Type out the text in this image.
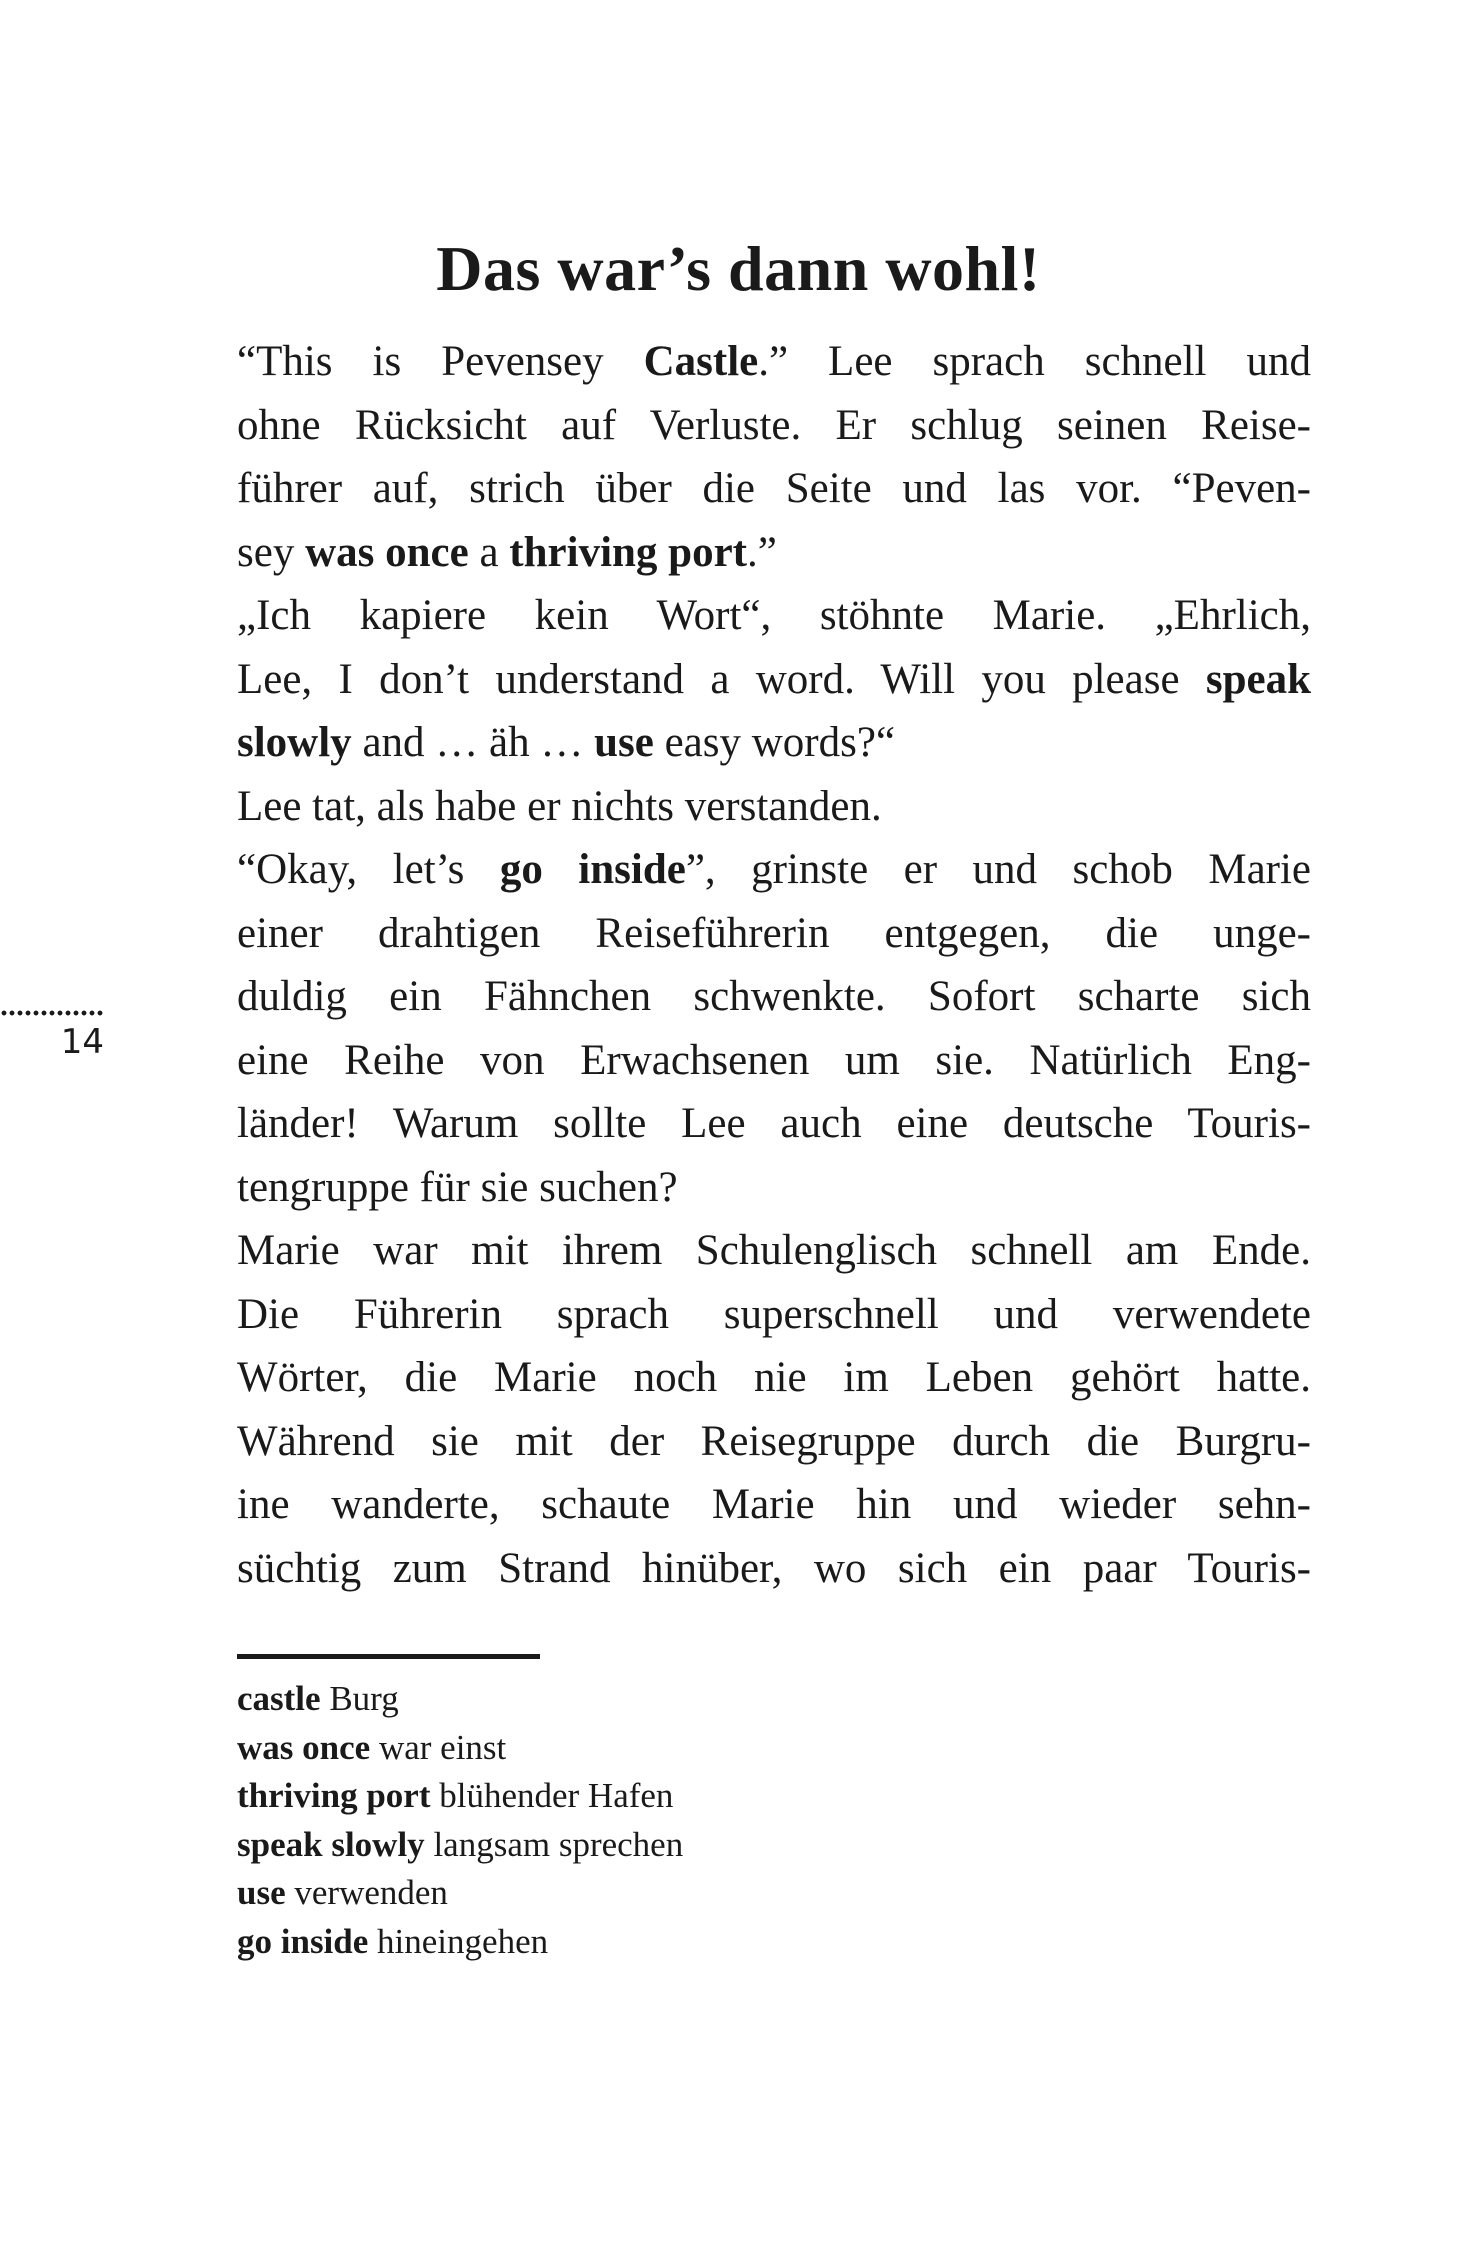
Das war’s dann wohl!
14
“This is Pevensey Castle.” Lee sprach schnell und
ohne Rücksicht auf Verluste. Er schlug seinen Reise-
führer auf, strich über die Seite und las vor. “Peven-
sey was once a thriving port.”
„Ich kapiere kein Wort“, stöhnte Marie. „Ehrlich,
Lee, I don’t understand a word. Will you please speak
slowly and … äh … use easy words?“
Lee tat, als habe er nichts verstanden.
“Okay, let’s go inside”, grinste er und schob Marie
einer drahtigen Reiseführerin entgegen, die unge-
duldig ein Fähnchen schwenkte. Sofort scharte sich
eine Reihe von Erwachsenen um sie. Natürlich Eng-
länder! Warum sollte Lee auch eine deutsche Touris-
tengruppe für sie suchen?
Marie war mit ihrem Schulenglisch schnell am Ende.
Die Führerin sprach superschnell und verwendete
Wörter, die Marie noch nie im Leben gehört hatte.
Während sie mit der Reisegruppe durch die Burgru-
ine wanderte, schaute Marie hin und wieder sehn-
süchtig zum Strand hinüber, wo sich ein paar Touris-
castle Burg
was once war einst
thriving port blühender Hafen
speak slowly langsam sprechen
use verwenden
go inside hineingehen
